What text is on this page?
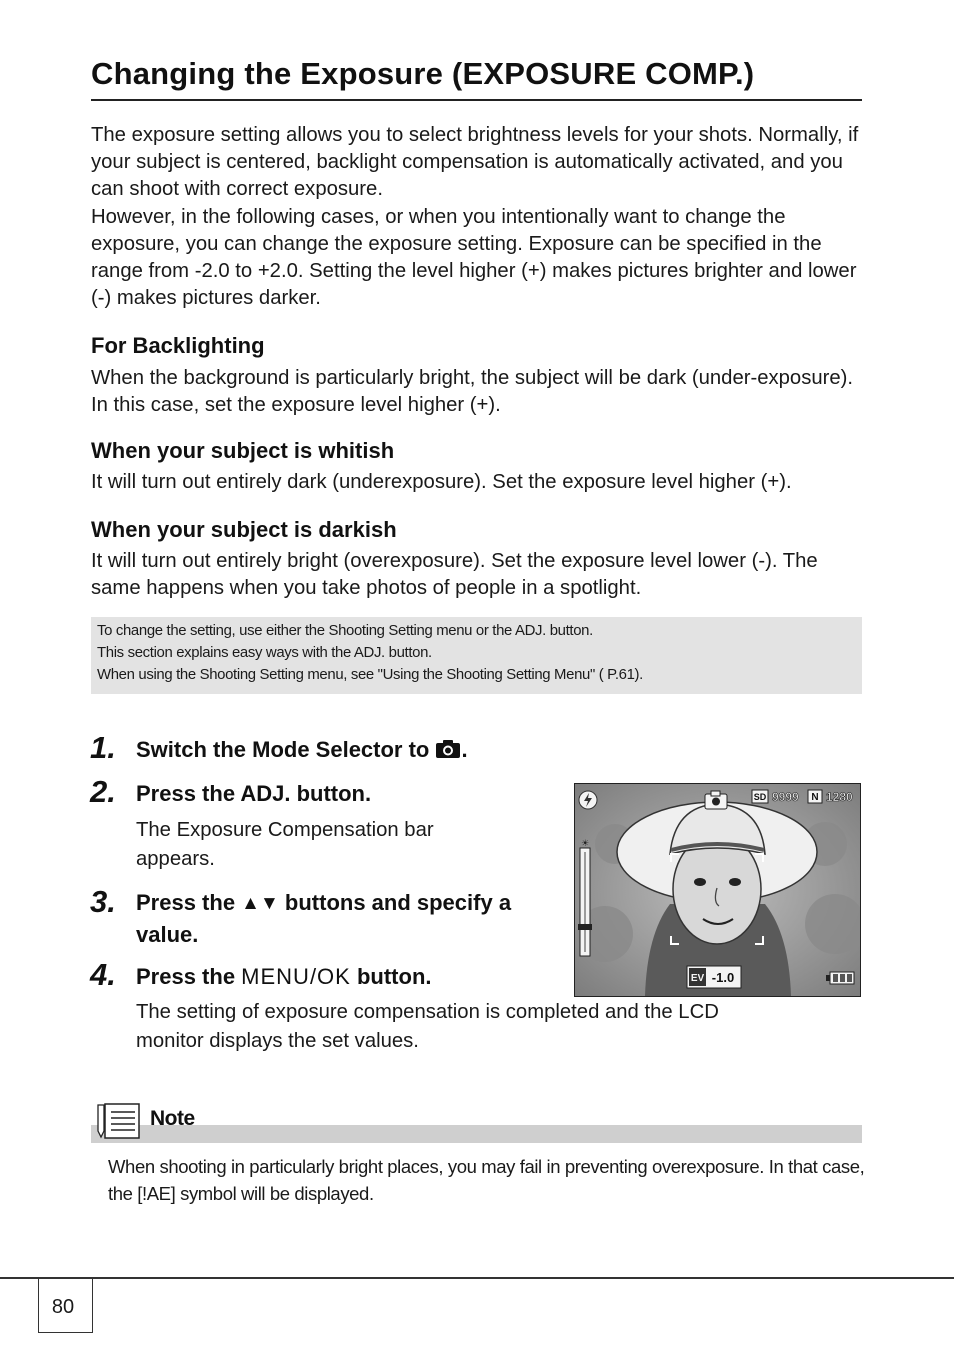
Changing the Exposure (EXPOSURE COMP.)

The exposure setting allows you to select brightness levels for your shots. Normally, if your subject is centered, backlight compensation is automatically activated, and you can shoot with correct exposure.

However, in the following cases, or when you intentionally want to change the exposure, you can change the exposure setting. Exposure can be specified in the range from -2.0 to +2.0. Setting the level higher (+) makes pictures brighter and lower (-) makes pictures darker.

For Backlighting
When the background is particularly bright, the subject will be dark (under-exposure). In this case, set the exposure level higher (+).
When your subject is whitish
It will turn out entirely dark (underexposure). Set the exposure level higher (+).
When your subject is darkish
It will turn out entirely bright (overexposure). Set the exposure level lower (-). The same happens when you take photos of people in a spotlight.

To change the setting, use either the Shooting Setting menu or the ADJ. button.

This section explains easy ways with the ADJ. button.

When using the Shooting Setting menu, see "Using the Shooting Setting Menu" ( P.61).

1. Switch the Mode Selector to .
2. Press the ADJ. button.
The Exposure Compensation bar appears.
3. Press the ▲▼ buttons and specify a value.
4. Press the MENU/OK button.
The setting of exposure compensation is completed and the LCD monitor displays the set values.
SD 9999 N 1280
☀
EV -1.0
Note
When shooting in particularly bright places, you may fail in preventing overexposure. In that case, the [!AE] symbol will be displayed.
80
